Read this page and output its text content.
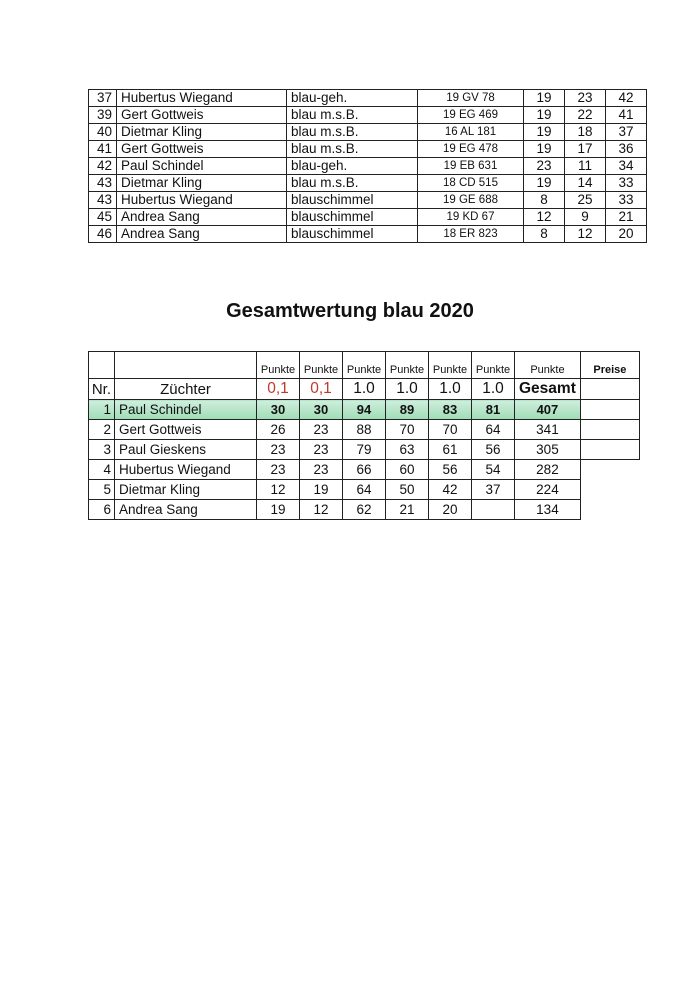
37	Hubertus Wiegand	blau-geh.	19 GV 78	19	23	42
39	Gert Gottweis	blau m.s.B.	19 EG 469	19	22	41
40	Dietmar Kling	blau m.s.B.	16 AL 181	19	18	37
41	Gert Gottweis	blau m.s.B.	19 EG 478	19	17	36
42	Paul Schindel	blau-geh.	19 EB 631	23	11	34
43	Dietmar Kling	blau m.s.B.	18 CD 515	19	14	33
43	Hubertus Wiegand	blauschimmel	19 GE 688	8	25	33
45	Andrea Sang	blauschimmel	19 KD 67	12	9	21
46	Andrea Sang	blauschimmel	18 ER 823	8	12	20
Gesamtwertung blau 2020
		Punkte	Punkte	Punkte	Punkte	Punkte	Punkte	Punkte	Preise
Nr.	Züchter	0,1	0,1	1.0	1.0	1.0	1.0	Gesamt	
1	Paul Schindel	30	30	94	89	83	81	407	
2	Gert Gottweis	26	23	88	70	70	64	341	
3	Paul Gieskens	23	23	79	63	61	56	305	
4	Hubertus Wiegand	23	23	66	60	56	54	282	
5	Dietmar Kling	12	19	64	50	42	37	224	
6	Andrea Sang	19	12	62	21	20		134	
